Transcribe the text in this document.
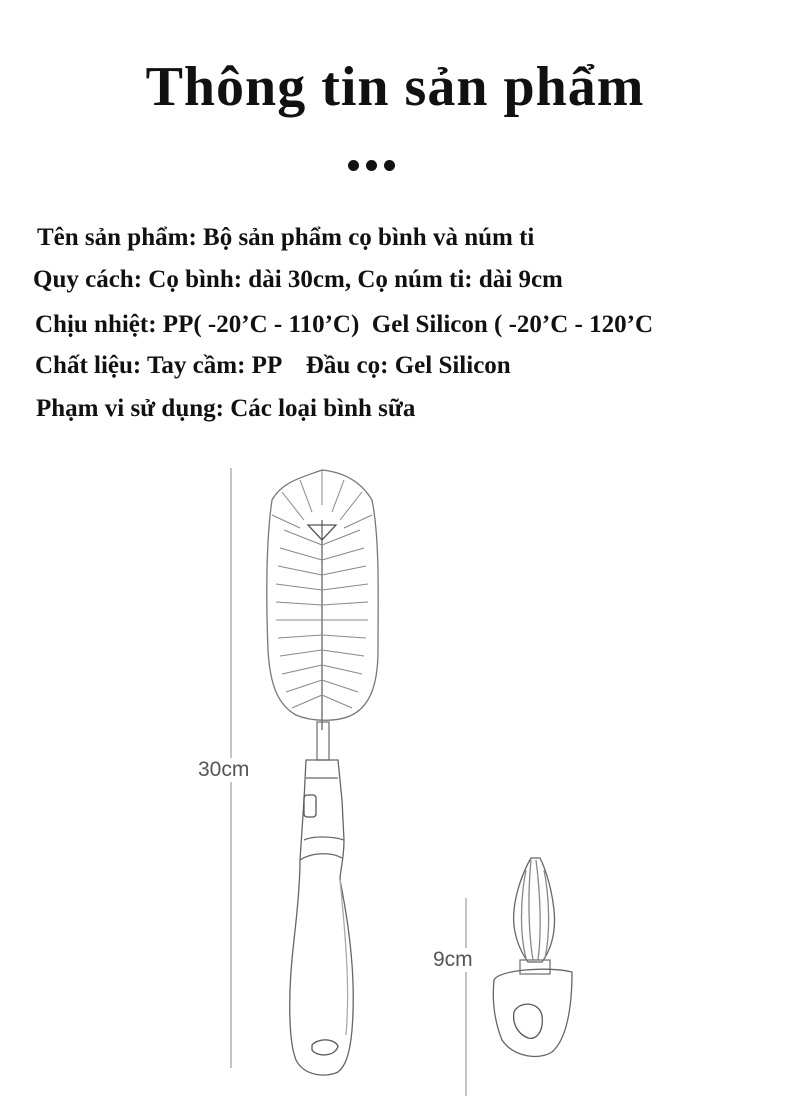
Thông tin sản phẩm
Tên sản phẩm: Bộ sản phẩm cọ bình và núm ti
Quy cách: Cọ bình: dài 30cm, Cọ núm ti: dài 9cm
Chịu nhiệt: PP( -20’C - 110’C)  Gel Silicon ( -20’C - 120’C
Chất liệu: Tay cầm: PP    Đầu cọ: Gel Silicon
Phạm vi sử dụng: Các loại bình sữa
30cm
9cm
